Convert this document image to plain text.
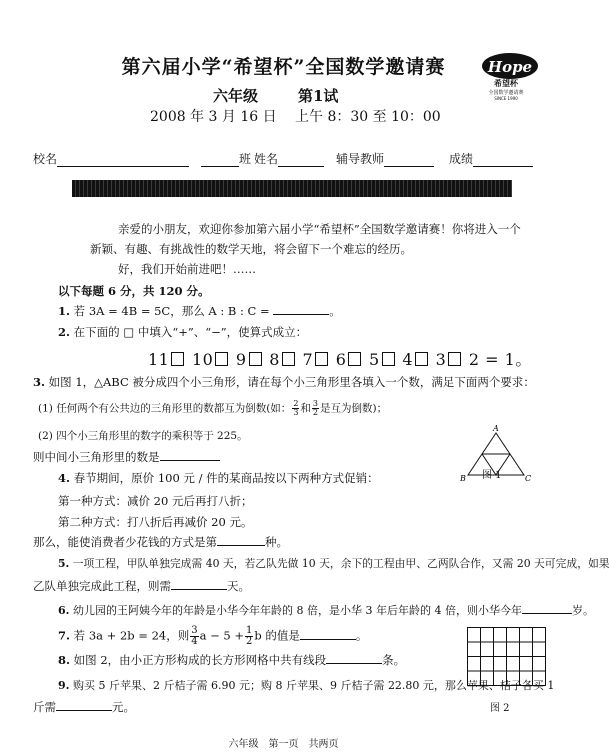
第六届小学“希望杯”全国数学邀请赛	Hope
希望杯
全国数学邀请赛
SINCE 1990
六年级	第1试
2008 年 3 月 16 日 上午 8：30 至 10：00
校名	班 姓名	辅导教师	成绩
亲爱的小朋友，欢迎你参加第六届小学“希望杯”全国数学邀请赛！你将进入一个
新颖、有趣、有挑战性的数学天地，将会留下一个难忘的经历。
好，我们开始前进吧！……
以下每题 6 分，共 120 分。
1. 若 3A = 4B = 5C，那么 A : B : C =	。
2. 在下面的 □ 中填入“+”、“−”，使算式成立：
11 10 9 8 7 6 5 4 3 2 = 1。
3. 如图 1，△ABC 被分成四个小三角形，请在每个小三角形里各填入一个数，满足下面两个要求：
(1) 任何两个有公共边的三角形里的数都互为倒数(如： $\frac{2}{3}$ 和 $\frac{3}{2}$ 是互为倒数)；
(2) 四个小三角形里的数字的乘积等于 225。
则中间小三角形里的数是
A
B	C
图 1
4. 春节期间，原价 100 元 / 件的某商品按以下两种方式促销：
第一种方式：减价 20 元后再打八折；
第二种方式：打八折后再减价 20 元。
那么，能使消费者少花钱的方式是第	种。
5. 一项工程，甲队单独完成需 40 天，若乙队先做 10 天，余下的工程由甲、乙两队合作，又需 20 天可完成，如果
乙队单独完成此工程，则需	天。
6. 幼儿园的王阿姨今年的年龄是小华今年年龄的 8 倍，是小华 3 年后年龄的 4 倍，则小华今年	岁。
7. 若 3a + 2b = 24，则 $\frac{3}{4}a - 5 + \frac{1}{2}b$ 的值是	。
8. 如图 2，由小正方形构成的长方形网格中共有线段	条。
9. 购买 5 斤苹果、2 斤桔子需 6.90 元；购 8 斤苹果、9 斤桔子需 22.80 元，那么苹果、桔子各买 1
斤需	元。	图 2
六年级　第一页　共两页
